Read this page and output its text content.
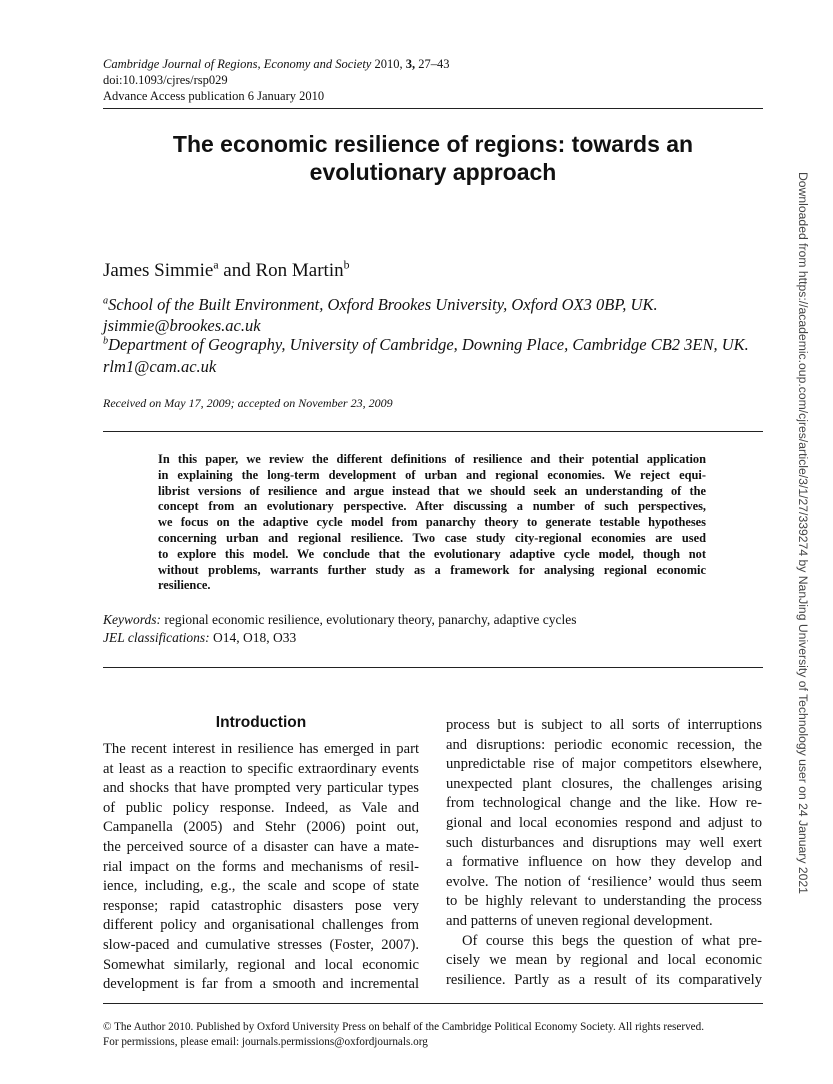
Cambridge Journal of Regions, Economy and Society 2010, 3, 27–43
doi:10.1093/cjres/rsp029
Advance Access publication 6 January 2010
The economic resilience of regions: towards an
evolutionary approach
James Simmie$^a$ and Ron Martin$^b$
$^a$School of the Built Environment, Oxford Brookes University, Oxford OX3 0BP, UK.
jsimmie@brookes.ac.uk
$^b$Department of Geography, University of Cambridge, Downing Place, Cambridge CB2 3EN, UK.
rlm1@cam.ac.uk
Received on May 17, 2009; accepted on November 23, 2009
In this paper, we review the different definitions of resilience and their potential application
in explaining the long-term development of urban and regional economies. We reject equi-
librist versions of resilience and argue instead that we should seek an understanding of the
concept from an evolutionary perspective. After discussing a number of such perspectives,
we focus on the adaptive cycle model from panarchy theory to generate testable hypotheses
concerning urban and regional resilience. Two case study city-regional economies are used
to explore this model. We conclude that the evolutionary adaptive cycle model, though not
without problems, warrants further study as a framework for analysing regional economic
resilience.
Keywords: regional economic resilience, evolutionary theory, panarchy, adaptive cycles
JEL classifications: O14, O18, O33
Introduction
The recent interest in resilience has emerged in part
at least as a reaction to specific extraordinary events
and shocks that have prompted very particular types
of public policy response. Indeed, as Vale and
Campanella (2005) and Stehr (2006) point out,
the perceived source of a disaster can have a mate-
rial impact on the forms and mechanisms of resil-
ience, including, e.g., the scale and scope of state
response; rapid catastrophic disasters pose very
different policy and organisational challenges from
slow-paced and cumulative stresses (Foster, 2007).
Somewhat similarly, regional and local economic
development is far from a smooth and incremental
process but is subject to all sorts of interruptions
and disruptions: periodic economic recession, the
unpredictable rise of major competitors elsewhere,
unexpected plant closures, the challenges arising
from technological change and the like. How re-
gional and local economies respond and adjust to
such disturbances and disruptions may well exert
a formative influence on how they develop and
evolve. The notion of ‘resilience’ would thus seem
to be highly relevant to understanding the process
and patterns of uneven regional development.
Of course this begs the question of what pre-
cisely we mean by regional and local economic
resilience. Partly as a result of its comparatively
© The Author 2010. Published by Oxford University Press on behalf of the Cambridge Political Economy Society. All rights reserved.
For permissions, please email: journals.permissions@oxfordjournals.org
Downloaded from https://academic.oup.com/cjres/article/3/1/27/339274 by NanJing University of Technology user on 24 January 2021
